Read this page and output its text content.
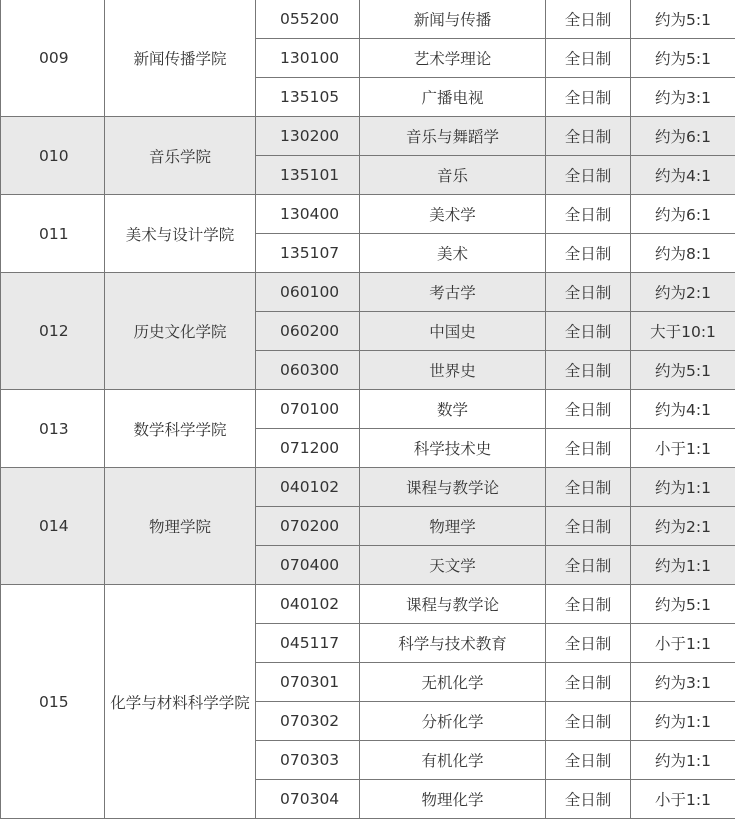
009	新闻传播学院	055200	新闻与传播	全日制	约为5:1
		130100	艺术学理论	全日制	约为5:1
		135105	广播电视	全日制	约为3:1
010	音乐学院	130200	音乐与舞蹈学	全日制	约为6:1
		135101	音乐	全日制	约为4:1
011	美术与设计学院	130400	美术学	全日制	约为6:1
		135107	美术	全日制	约为8:1
012	历史文化学院	060100	考古学	全日制	约为2:1
		060200	中国史	全日制	大于10:1
		060300	世界史	全日制	约为5:1
013	数学科学学院	070100	数学	全日制	约为4:1
		071200	科学技术史	全日制	小于1:1
014	物理学院	040102	课程与教学论	全日制	约为1:1
		070200	物理学	全日制	约为2:1
		070400	天文学	全日制	约为1:1
015	化学与材料科学学院	040102	课程与教学论	全日制	约为5:1
		045117	科学与技术教育	全日制	小于1:1
		070301	无机化学	全日制	约为3:1
		070302	分析化学	全日制	约为1:1
		070303	有机化学	全日制	约为1:1
		070304	物理化学	全日制	小于1:1
